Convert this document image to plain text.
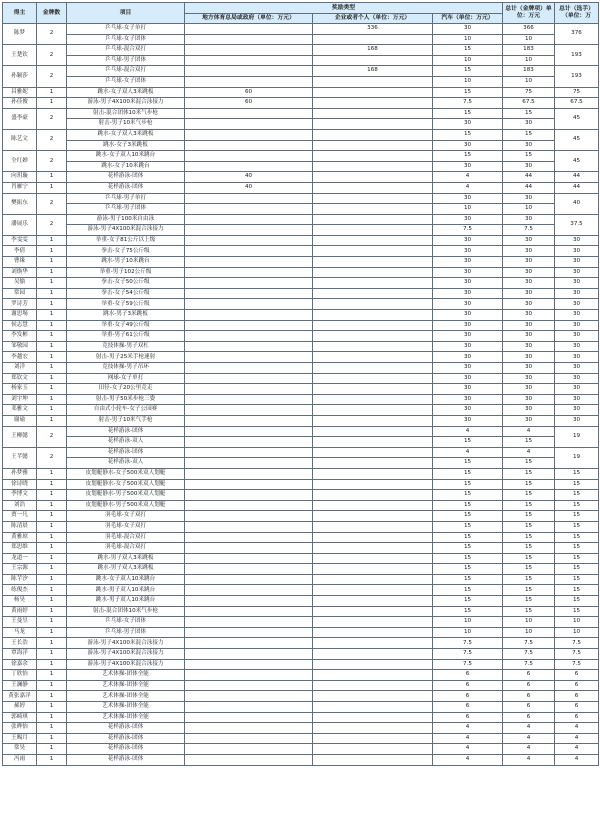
得主	金牌数	项目	奖励类型			总计（金牌项）单位：万元	总计（选手）（单位：万
			地方体育总局或政府（单位：万元）	企业或者个人（单位：万元）	汽车（单位：万元）		
陈梦	2	乒乓球-女子单打		336	30	366	376
		乒乓球-女子团体			10	10	
王楚钦	2	乒乓球-混合双打		168	15	183	193
		乒乓球-男子团体			10	10	
孙颖莎	2	乒乓球-混合双打		168	15	183	193
		乒乓球-女子团体			10	10	
昌雅妮	1	跳水-女子双人3米跳板	60		15	75	75
孙佳俊	1	游泳-男子4X100米混合泳接力	60		7.5	67.5	67.5
盛李豪	2	射击-混合团体10米气步枪			15	15	45
		射击-男子10米气步枪			30	30	
陈艺文	2	跳水-女子双人3米跳板			15	15	45
		跳水-女子3米跳板			30	30	
全红婵	2	跳水-女子双人10米跳台			15	15	45
		跳水-女子10米跳台			30	30	
向玥璇	1	花样游泳-团体	40		4	44	44
肖雁宁	1	花样游泳-团体	40		4	44	44
樊振东	2	乒乓球-男子单打			30	30	40
		乒乓球-男子团体			10	10	
潘展乐	2	游泳-男子100米自由泳			30	30	37.5
		游泳-男子4X100米混合泳接力			7.5	7.5	
李雯雯	1	举重-女子81公斤以上级			30	30	30
李倩	1	拳击-女子75公斤级			30	30	30
曹缘	1	跳水-男子10米跳台			30	30	30
刘焕华	1	举重-男子102公斤级			30	30	30
吴愉	1	拳击-女子50公斤级			30	30	30
常园	1	拳击-女子54公斤级			30	30	30
罗诗芳	1	举重-女子59公斤级			30	30	30
谢思埸	1	跳水-男子3米跳板			30	30	30
侯志慧	1	举重-女子49公斤级			30	30	30
李发彬	1	举重-男子61公斤级			30	30	30
邹敬园	1	竞技体操-男子双杠			30	30	30
李越宏	1	射击-男子25米手枪速射			30	30	30
刘洋	1	竞技体操-男子吊环			30	30	30
郑钦文	1	网球-女子单打			30	30	30
杨家玉	1	田径-女子20公里竞走			30	30	30
刘宇坤	1	射击-男子50米步枪三姿			30	30	30
邓雅文	1	自由式小轮车-女子公园赛			30	30	30
谢瑜	1	射击-男子10米气手枪			30	30	30
王柳懿	2	花样游泳-团体			4	4	19
		花样游泳-双人			15	15	
王芊懿	2	花样游泳-团体			4	4	19
		花样游泳-双人			15	15	
孙梦雅	1	皮划艇静水-女子500米双人划艇			15	15	15
徐诗晓	1	皮划艇静水-女子500米双人划艇			15	15	15
季博文	1	皮划艇静水-男子500米双人划艇			15	15	15
刘浩	1	皮划艇静水-男子500米双人划艇			15	15	15
贾一凡	1	羽毛球-女子双打			15	15	15
陈清晨	1	羽毛球-女子双打			15	15	15
黄雅琼	1	羽毛球-混合双打			15	15	15
郑思维	1	羽毛球-混合双打			15	15	15
龙道一	1	跳水-男子双人3米跳板			15	15	15
王宗源	1	跳水-男子双人3米跳板			15	15	15
陈芋汐	1	跳水-女子双人10米跳台			15	15	15
练俊杰	1	跳水-男子双人10米跳台			15	15	15
杨昊	1	跳水-男子双人10米跳台			15	15	15
黄雨婷	1	射击-混合团体10米气步枪			15	15	15
王曼昱	1	乒乓球-女子团体			10	10	10
马龙	1	乒乓球-男子团体			10	10	10
王长浩	1	游泳-男子4X100米混合泳接力			7.5	7.5	7.5
覃海洋	1	游泳-男子4X100米混合泳接力			7.5	7.5	7.5
徐嘉余	1	游泳-男子4X100米混合泳接力			7.5	7.5	7.5
丁欣怡	1	艺术体操-团体全能			6	6	6
王澜静	1	艺术体操-团体全能			6	6	6
黄张嘉洋	1	艺术体操-团体全能			6	6	6
郝婷	1	艺术体操-团体全能			6	6	6
郭崎琪	1	艺术体操-团体全能			6	6	6
张晔怡	1	花样游泳-团体			4	4	4
王赐月	1	花样游泳-团体			4	4	4
常昊	1	花样游泳-团体			4	4	4
冯雨	1	花样游泳-团体			4	4	4
